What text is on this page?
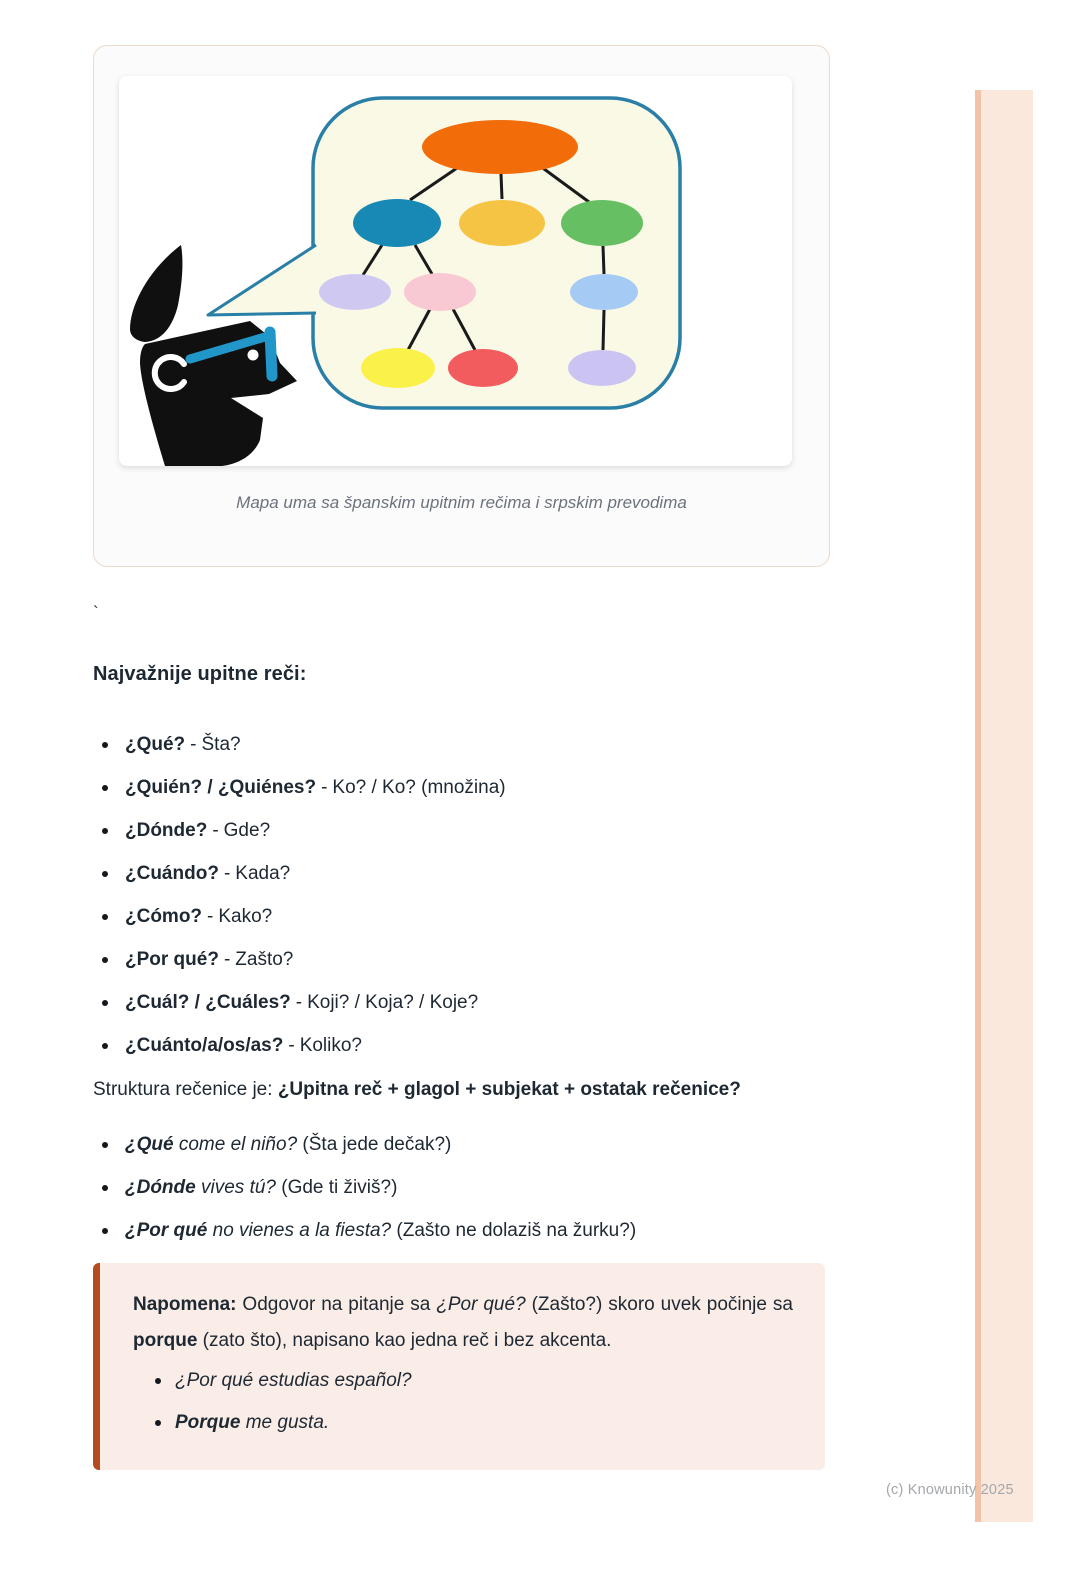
Mapa uma sa španskim upitnim rečima i srpskim prevodima
`
Najvažnije upitne reči:
¿Qué? - Šta?
¿Quién? / ¿Quiénes? - Ko? / Ko? (množina)
¿Dónde? - Gde?
¿Cuándo? - Kada?
¿Cómo? - Kako?
¿Por qué? - Zašto?
¿Cuál? / ¿Cuáles? - Koji? / Koja? / Koje?
¿Cuánto/a/os/as? - Koliko?

Struktura rečenice je: ¿Upitna reč + glagol + subjekat + ostatak rečenice?

¿Qué come el niño? (Šta jede dečak?)
¿Dónde vives tú? (Gde ti živiš?)
¿Por qué no vienes a la fiesta? (Zašto ne dolaziš na žurku?)

Napomena: Odgovor na pitanje sa ¿Por qué? (Zašto?) skoro uvek počinje sa porque (zato što), napisano kao jedna reč i bez akcenta.

¿Por qué estudias español?
Porque me gusta.
(c) Knowunity 2025
